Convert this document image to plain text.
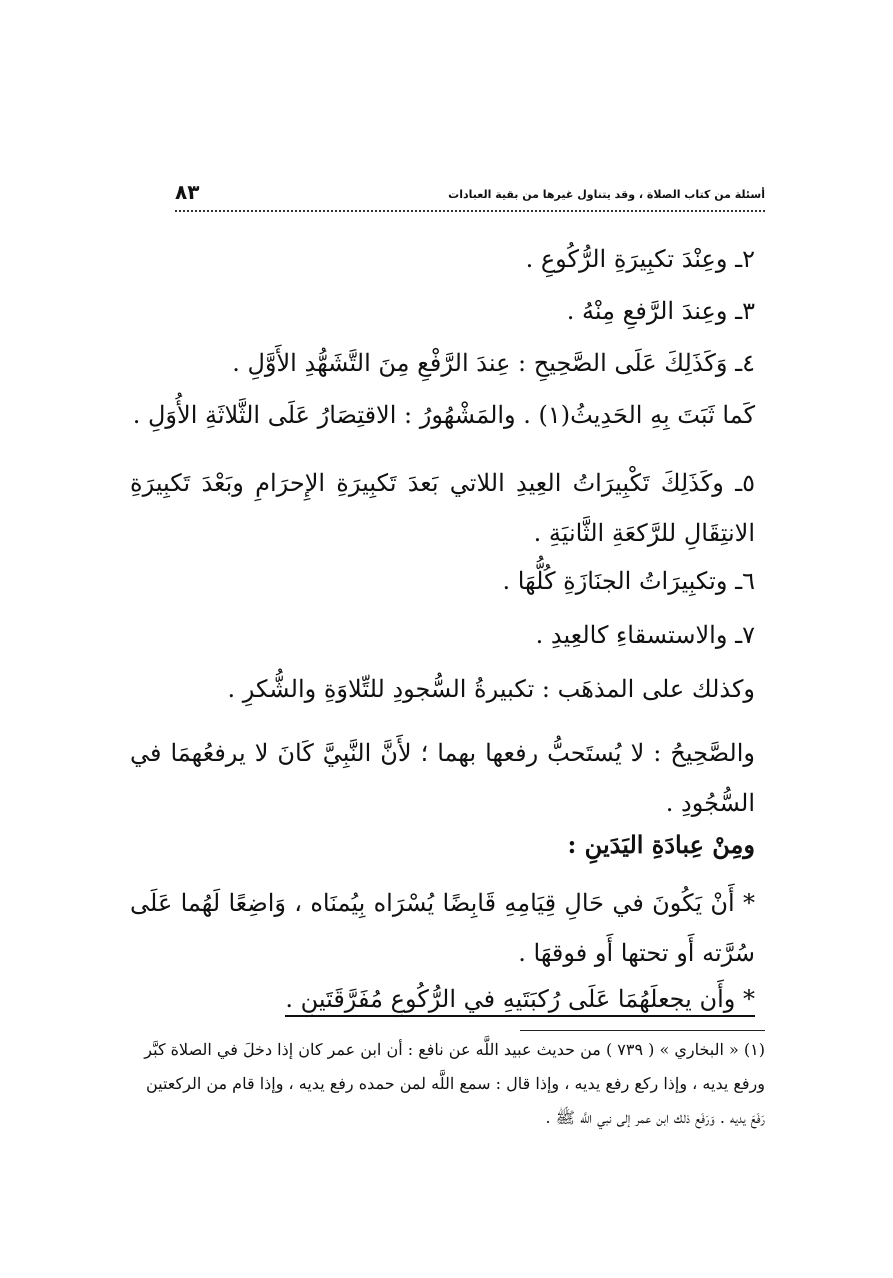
أسئلة من كتاب الصلاة ، وقد يتناول غيرها من بقية العبادات
٨٣
٢ـ وعِنْدَ تكبِيرَةِ الرُّكُوعِ .
٣ـ وعِندَ الرَّفعِ مِنْهُ .
٤ـ وَكَذَلِكَ عَلَى الصَّحِيحِ : عِندَ الرَّفْعِ مِنَ التَّشَهُّدِ الأَوَّلِ .
كَما ثَبَتَ بِهِ الحَدِيثُ(١) . والمَشْهُورُ : الاقتِصَارُ عَلَى الثَّلاثَةِ الأُوَلِ .
٥ـ وكَذَلِكَ تَكْبِيرَاتُ العِيدِ اللاتي بَعدَ تَكبِيرَةِ الإِحرَامِ وبَعْدَ تَكبِيرَةِ الانتِقَالِ للرَّكعَةِ الثَّانيَةِ .
٦ـ وتكبِيرَاتُ الجنَازَةِ كُلُّهَا .
٧ـ والاستسقاءِ كالعِيدِ .
وكذلك على المذهَب : تكبيرةُ السُّجودِ للتِّلاوَةِ والشُّكرِ .
والصَّحِيحُ : لا يُستَحبُّ رفعها بهما ؛ لأَنَّ النَّبِيَّ كَانَ لا يرفعُهمَا في السُّجُودِ .
ومِنْ عِبادَةِ اليَدَينِ :
* أَنْ يَكُونَ في حَالِ قِيَامِهِ قَابِضًا يُسْرَاه بِيُمنَاه ، وَاضِعًا لَهُما عَلَى سُرَّته أَو تحتها أَو فوقهَا .
* وأَن يجعلَهُمَا عَلَى رُكبَتَيهِ في الرُّكُوعِ مُفَرَّقَتَينِ .
(١) « البخاري » ( ٧٣٩ ) من حديث عبيد اللَّه عن نافع : أن ابن عمر كان إذا دخلَ في الصلاة كبَّر
ورفع يديه ، وإذا ركع رفع يديه ، وإذا قال : سمع اللَّه لمن حمده رفع يديه ، وإذا قام من الركعتين
رَفَعَ يديه . وَرَفَع ذلك ابن عمر إلى نبي اللَّه ﷺ .
